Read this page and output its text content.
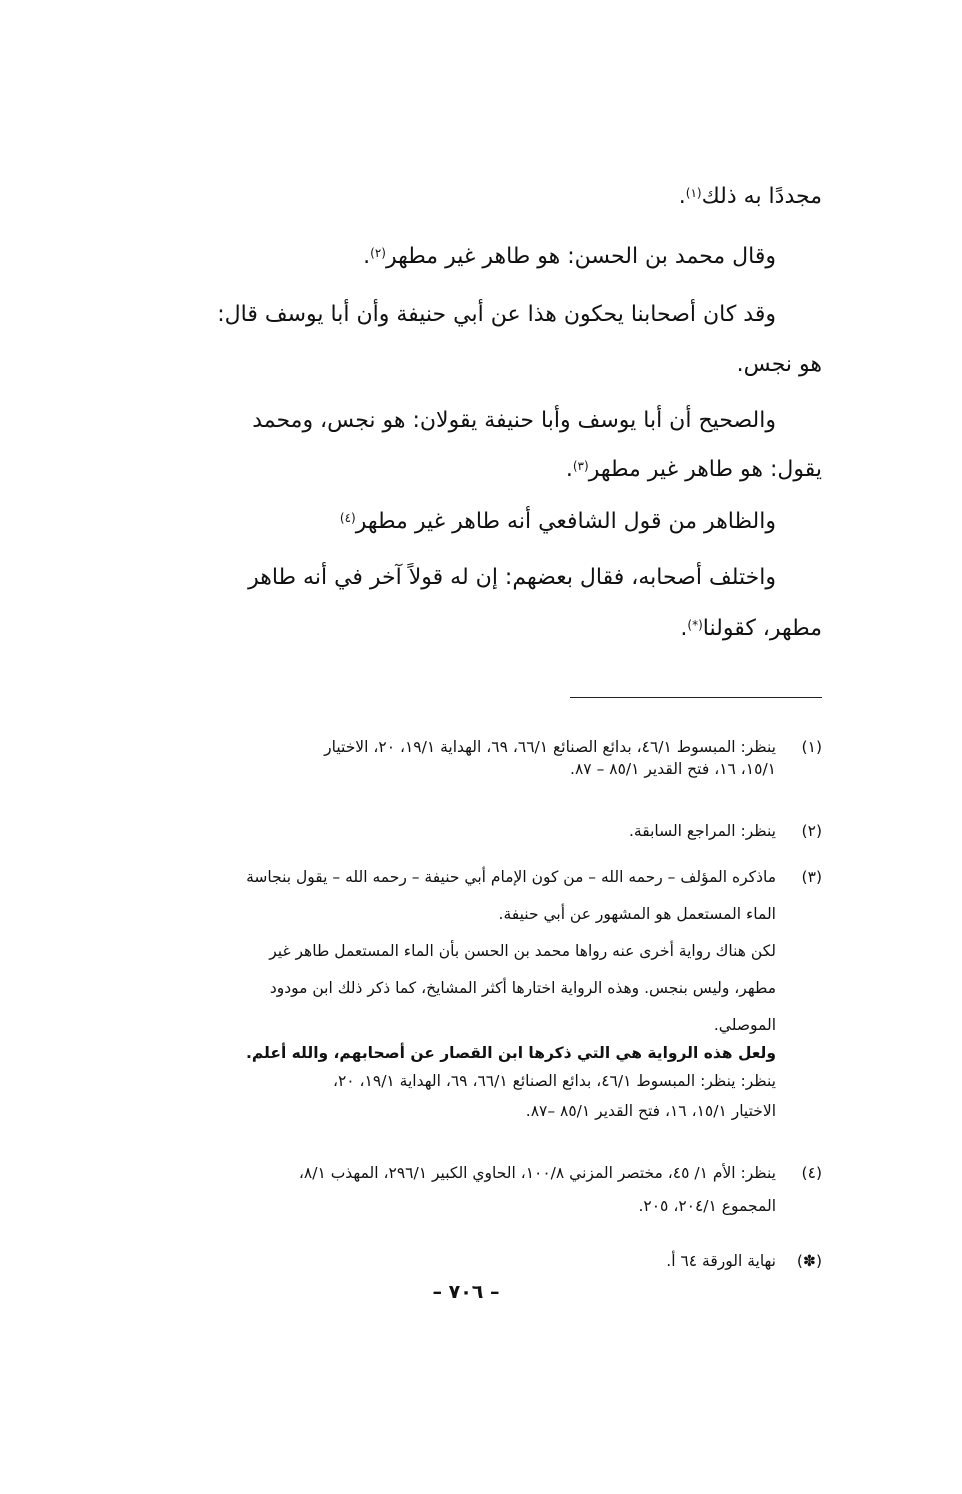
مجددًا به ذلك$^{(١)}$.
وقال محمد بن الحسن: هو طاهر غير مطهر$^{(٢)}$.
وقد كان أصحابنا يحكون هذا عن أبي حنيفة وأن أبا يوسف قال:
هو نجس.
والصحيح أن أبا يوسف وأبا حنيفة يقولان: هو نجس، ومحمد
يقول: هو طاهر غير مطهر$^{(٣)}$.
والظاهر من قول الشافعي أنه طاهر غير مطهر$^{(٤)}$
واختلف أصحابه، فقال بعضهم: إن له قولاً آخر في أنه طاهر
مطهر، كقولنا(*).
(١)
ينظر: المبسوط ٤٦/١، بدائع الصنائع ٦٦/١، ٦٩، الهداية ١٩/١، ٢٠، الاختيار
١٥/١، ١٦، فتح القدير ٨٥/١ – ٨٧.
(٢)
ينظر: المراجع السابقة.
(٣)
ماذكره المؤلف – رحمه الله – من كون الإمام أبي حنيفة – رحمه الله – يقول بنجاسة
الماء المستعمل هو المشهور عن أبي حنيفة.
لكن هناك رواية أخرى عنه رواها محمد بن الحسن بأن الماء المستعمل طاهر غير
مطهر، وليس بنجس. وهذه الرواية اختارها أكثر المشايخ، كما ذكر ذلك ابن مودود
الموصلي.
ولعل هذه الرواية هي التي ذكرها ابن القصار عن أصحابهم، والله أعلم.
ينظر: ينظر: المبسوط ٤٦/١، بدائع الصنائع ٦٦/١، ٦٩، الهداية ١٩/١، ٢٠،
الاختيار ١٥/١، ١٦، فتح القدير ٨٥/١ –٨٧.
(٤)
ينظر: الأم ١/ ٤٥، مختصر المزني ١٠٠/٨، الحاوي الكبير ٢٩٦/١، المهذب ٨/١،
المجموع ٢٠٤/١، ٢٠٥.
(✽)
نهاية الورقة ٦٤ أ.
– ٧٠٦ –
